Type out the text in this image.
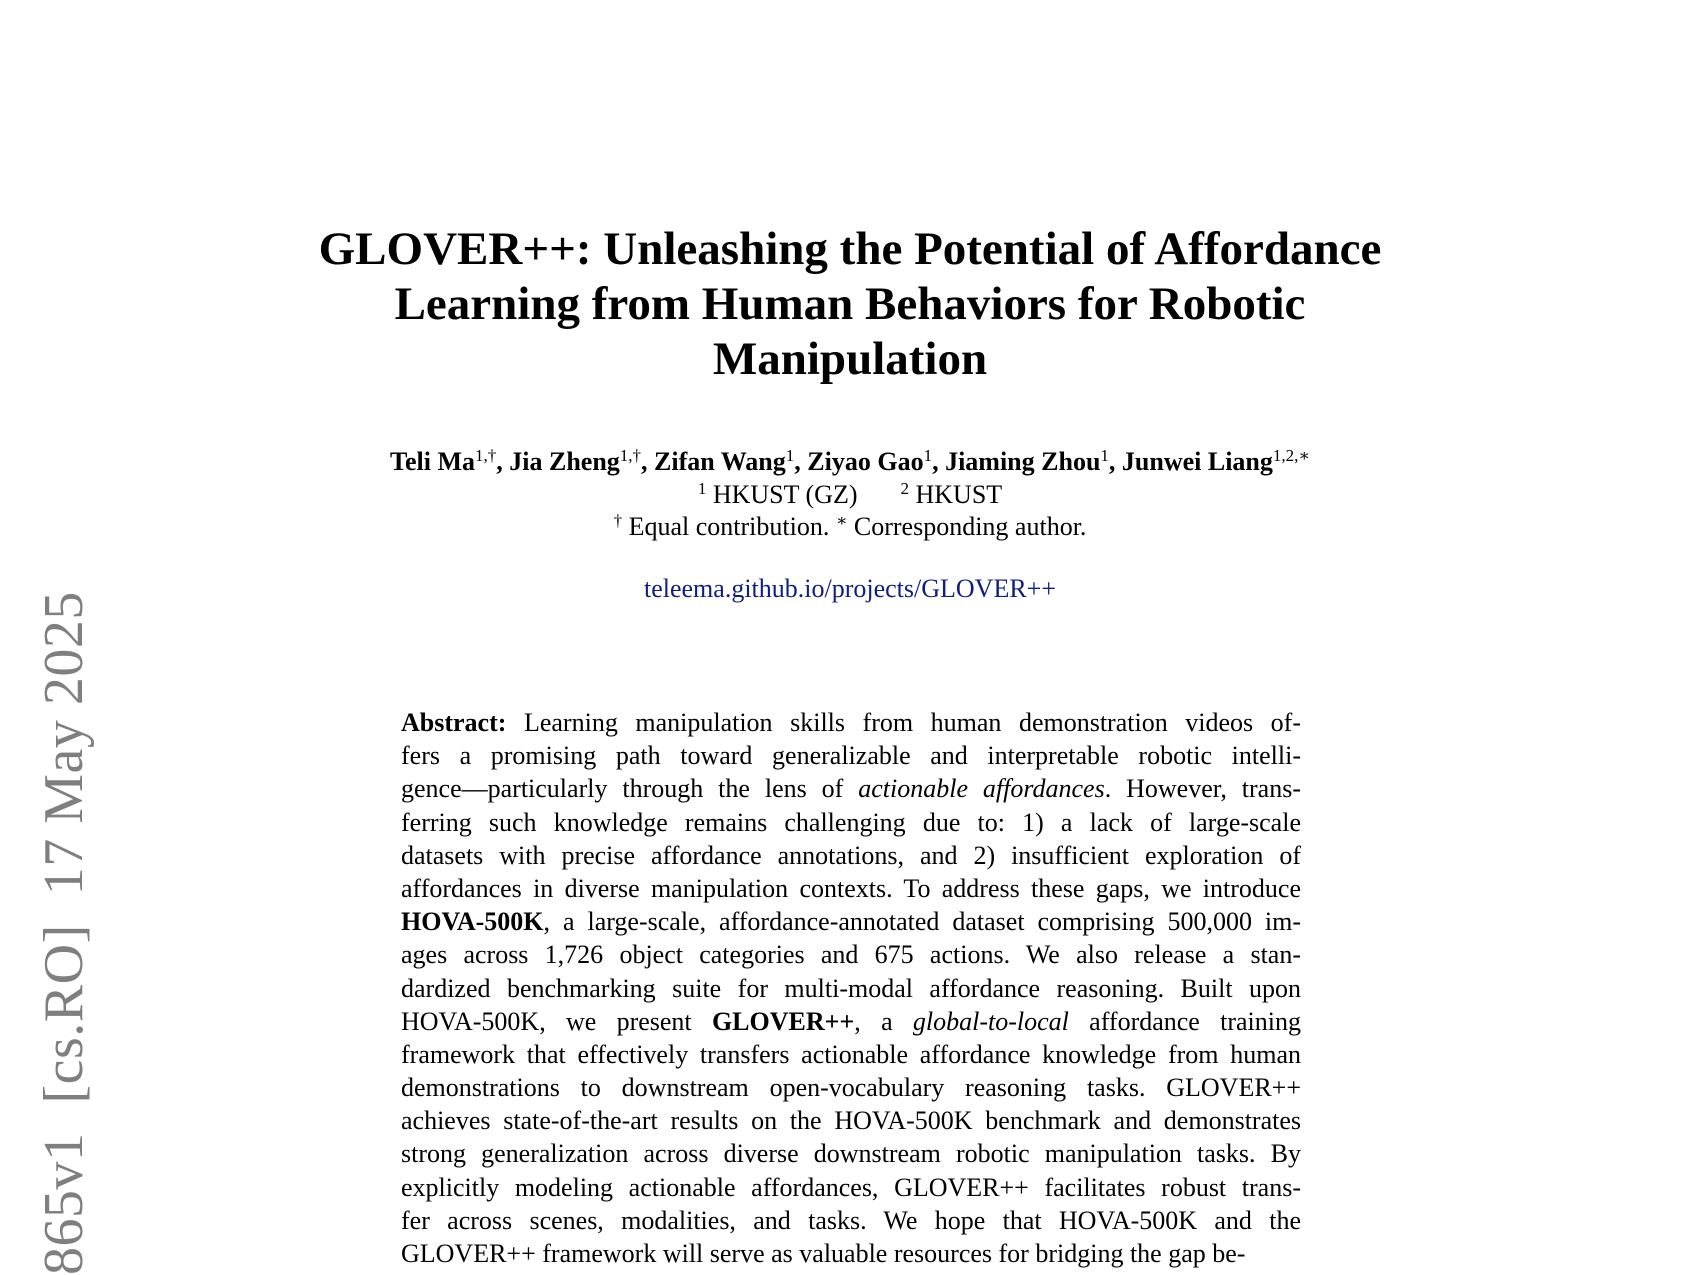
865v1  [cs.RO]  17 May 2025
GLOVER++: Unleashing the Potential of Affordance
Learning from Human Behaviors for Robotic
Manipulation
Teli $Ma^{1,\dagger}$, Jia Zheng$^{1,\dagger}$, Zifan Wang$^1$, Ziyao Gao$^1$, Jiaming Zhou$^1$, Junwei Liang$^{1,2,∗}$
$^1$ HKUST (GZ)	$^2$ HKUST
† Equal contribution. ∗ Corresponding author.
teleema.github.io/projects/GLOVER++
Abstract: Learning manipulation skills from human demonstration videos of-
fers a promising path toward generalizable and interpretable robotic intelli-
gence—particularly through the lens of actionable affordances. However, trans-
ferring such knowledge remains challenging due to: 1) a lack of large-scale
datasets with precise affordance annotations, and 2) insufficient exploration of
affordances in diverse manipulation contexts. To address these gaps, we introduce
HOVA-500K, a large-scale, affordance-annotated dataset comprising 500,000 im-
ages across 1,726 object categories and 675 actions. We also release a stan-
dardized benchmarking suite for multi-modal affordance reasoning. Built upon
HOVA-500K, we present GLOVER++, a global-to-local affordance training
framework that effectively transfers actionable affordance knowledge from human
demonstrations to downstream open-vocabulary reasoning tasks. GLOVER++
achieves state-of-the-art results on the HOVA-500K benchmark and demonstrates
strong generalization across diverse downstream robotic manipulation tasks. By
explicitly modeling actionable affordances, GLOVER++ facilitates robust trans-
fer across scenes, modalities, and tasks. We hope that HOVA-500K and the
GLOVER++ framework will serve as valuable resources for bridging the gap be-
